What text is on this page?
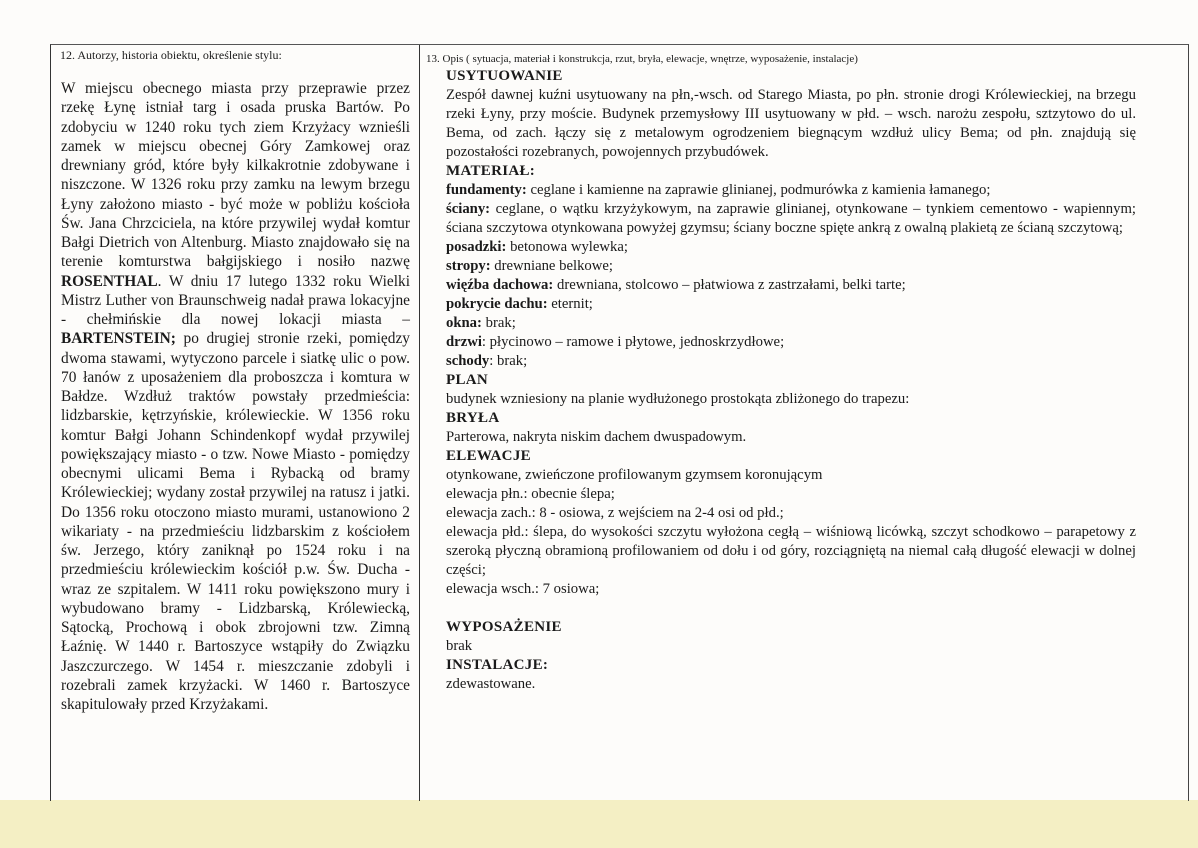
12. Autorzy, historia obiektu, określenie stylu:
W miejscu obecnego miasta przy przeprawie przez rzekę Łynę istniał targ i osada pruska Bartów. Po zdobyciu w 1240 roku tych ziem Krzyżacy wznieśli zamek w miejscu obecnej Góry Zamkowej oraz drewniany gród, które były kilkakrotnie zdobywane i niszczone. W 1326 roku przy zamku na lewym brzegu Łyny założono miasto - być może w pobliżu kościoła Św. Jana Chrzciciela, na które przywilej wydał komtur Bałgi Dietrich von Altenburg. Miasto znajdowało się na terenie komturstwa bałgijskiego i nosiło nazwę ROSENTHAL. W dniu 17 lutego 1332 roku Wielki Mistrz Luther von Braunschweig nadał prawa lokacyjne - chełmińskie dla nowej lokacji miasta – BARTENSTEIN; po drugiej stronie rzeki, pomiędzy dwoma stawami, wytyczono parcele i siatkę ulic o pow. 70 łanów z uposażeniem dla proboszcza i komtura w Bałdze. Wzdłuż traktów powstały przedmieścia: lidzbarskie, kętrzyńskie, królewieckie. W 1356 roku komtur Bałgi Johann Schindenkopf wydał przywilej powiększający miasto - o tzw. Nowe Miasto - pomiędzy obecnymi ulicami Bema i Rybacką od bramy Królewieckiej; wydany został przywilej na ratusz i jatki. Do 1356 roku otoczono miasto murami, ustanowiono 2 wikariaty - na przedmieściu lidzbarskim z kościołem św. Jerzego, który zaniknął po 1524 roku i na przedmieściu królewieckim kościół p.w. Św. Ducha - wraz ze szpitalem. W 1411 roku powiększono mury i wybudowano bramy - Lidzbarską, Królewiecką, Sątocką, Prochową i obok zbrojowni tzw. Zimną Łaźnię. W 1440 r. Bartoszyce wstąpiły do Związku Jaszczurczego. W 1454 r. mieszczanie zdobyli i rozebrali zamek krzyżacki. W 1460 r. Bartoszyce skapitulowały przed Krzyżakami.
13. Opis ( sytuacja, materiał i konstrukcja, rzut, bryła, elewacje, wnętrze, wyposażenie, instalacje)
USYTUOWANIE
Zespół dawnej kuźni usytuowany na płn,-wsch. od Starego Miasta, po płn. stronie drogi Królewieckiej, na brzegu rzeki Łyny, przy moście. Budynek przemysłowy III usytuowany w płd. – wsch. narożu zespołu, sztzytowo do ul. Bema, od zach. łączy się z metalowym ogrodzeniem biegnącym wzdłuż ulicy Bema; od płn. znajdują się pozostałości rozebranych, powojennych przybudówek.
MATERIAŁ:
fundamenty: ceglane i kamienne na zaprawie glinianej, podmurówka z kamienia łamanego;
ściany: ceglane, o wątku krzyżykowym, na zaprawie glinianej, otynkowane – tynkiem cementowo - wapiennym; ściana szczytowa otynkowana powyżej gzymsu; ściany boczne spięte ankrą z owalną plakietą ze ścianą szczytową;
posadzki: betonowa wylewka;
stropy: drewniane belkowe;
więźba dachowa: drewniana, stolcowo – płatwiowa z zastrzałami, belki tarte;
pokrycie dachu: eternit;
okna: brak;
drzwi: płycinowo – ramowe i płytowe, jednoskrzydłowe;
schody: brak;
PLAN
budynek wzniesiony na planie wydłużonego prostokąta zbliżonego do trapezu:
BRYŁA
Parterowa, nakryta niskim dachem dwuspadowym.
ELEWACJE
otynkowane, zwieńczone profilowanym gzymsem koronującym
elewacja płn.: obecnie ślepa;
elewacja zach.: 8 - osiowa, z wejściem na 2-4 osi od płd.;
elewacja płd.: ślepa, do wysokości szczytu wyłożona cegłą – wiśniową licówką, szczyt schodkowo – parapetowy z szeroką płyczną obramioną profilowaniem od dołu i od góry, rozciągniętą na niemal całą długość elewacji w dolnej części;
elewacja wsch.: 7 osiowa;
WYPOSAŻENIE
brak
INSTALACJE:
zdewastowane.
